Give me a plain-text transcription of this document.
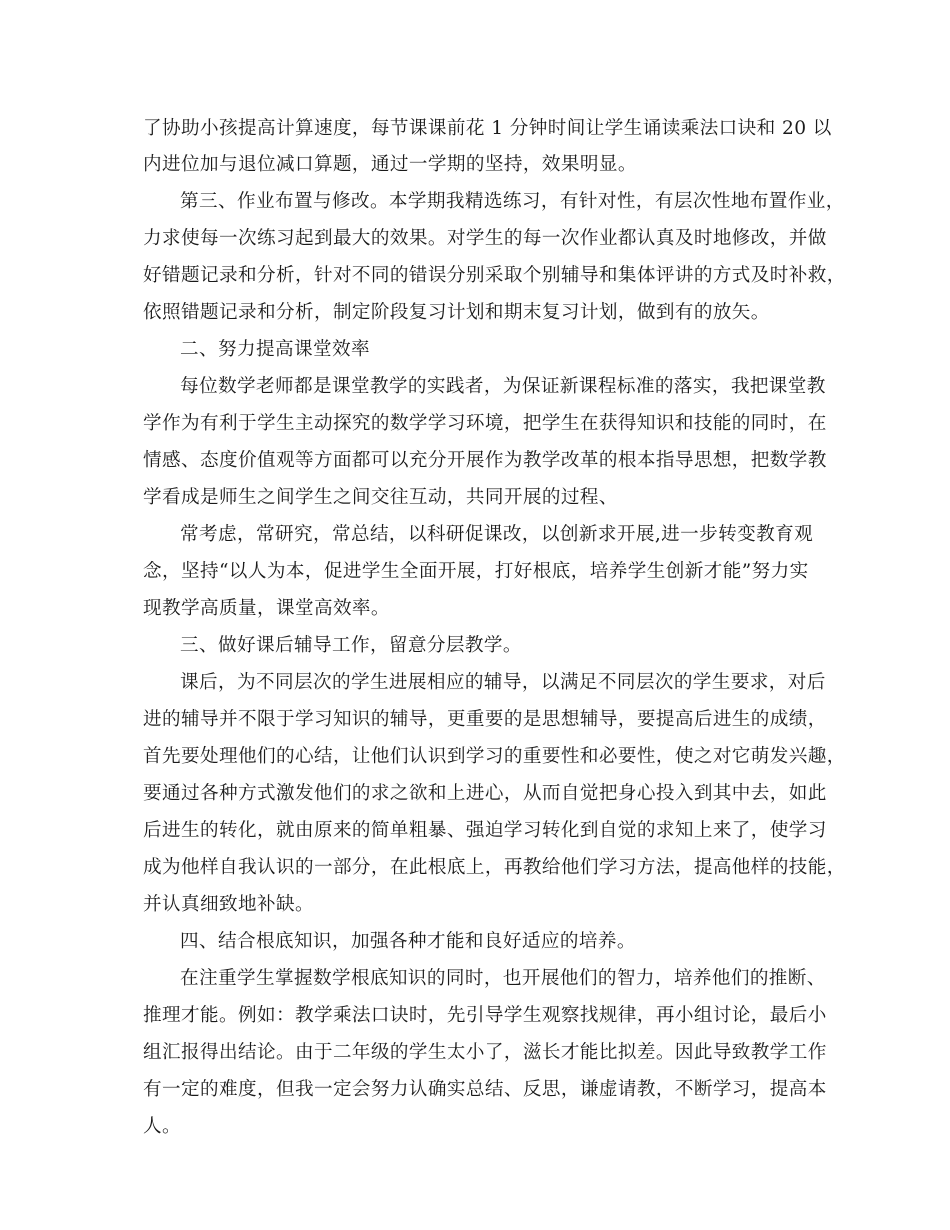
了协助小孩提高计算速度，每节课课前花 1 分钟时间让学生诵读乘法口诀和 20 以
内进位加与退位减口算题，通过一学期的坚持，效果明显。
第三、作业布置与修改。本学期我精选练习，有针对性，有层次性地布置作业，
力求使每一次练习起到最大的效果。对学生的每一次作业都认真及时地修改，并做
好错题记录和分析，针对不同的错误分别采取个别辅导和集体评讲的方式及时补救，
依照错题记录和分析，制定阶段复习计划和期末复习计划，做到有的放矢。
二、努力提高课堂效率
每位数学老师都是课堂教学的实践者，为保证新课程标准的落实，我把课堂教
学作为有利于学生主动探究的数学学习环境，把学生在获得知识和技能的同时，在
情感、态度价值观等方面都可以充分开展作为教学改革的根本指导思想，把数学教
学看成是师生之间学生之间交往互动，共同开展的过程、
常考虑，常研究，常总结，以科研促课改，以创新求开展,进一步转变教育观
念，坚持“以人为本，促进学生全面开展，打好根底，培养学生创新才能”努力实
现教学高质量，课堂高效率。
三、做好课后辅导工作，留意分层教学。
课后，为不同层次的学生进展相应的辅导，以满足不同层次的学生要求，对后
进的辅导并不限于学习知识的辅导，更重要的是思想辅导，要提高后进生的成绩，
首先要处理他们的心结，让他们认识到学习的重要性和必要性，使之对它萌发兴趣，
要通过各种方式激发他们的求之欲和上进心，从而自觉把身心投入到其中去，如此
后进生的转化，就由原来的简单粗暴、强迫学习转化到自觉的求知上来了，使学习
成为他样自我认识的一部分，在此根底上，再教给他们学习方法，提高他样的技能，
并认真细致地补缺。
四、结合根底知识，加强各种才能和良好适应的培养。
在注重学生掌握数学根底知识的同时，也开展他们的智力，培养他们的推断、
推理才能。例如：教学乘法口诀时，先引导学生观察找规律，再小组讨论，最后小
组汇报得出结论。由于二年级的学生太小了，滋长才能比拟差。因此导致教学工作
有一定的难度，但我一定会努力认确实总结、反思，谦虚请教，不断学习，提高本
人。
